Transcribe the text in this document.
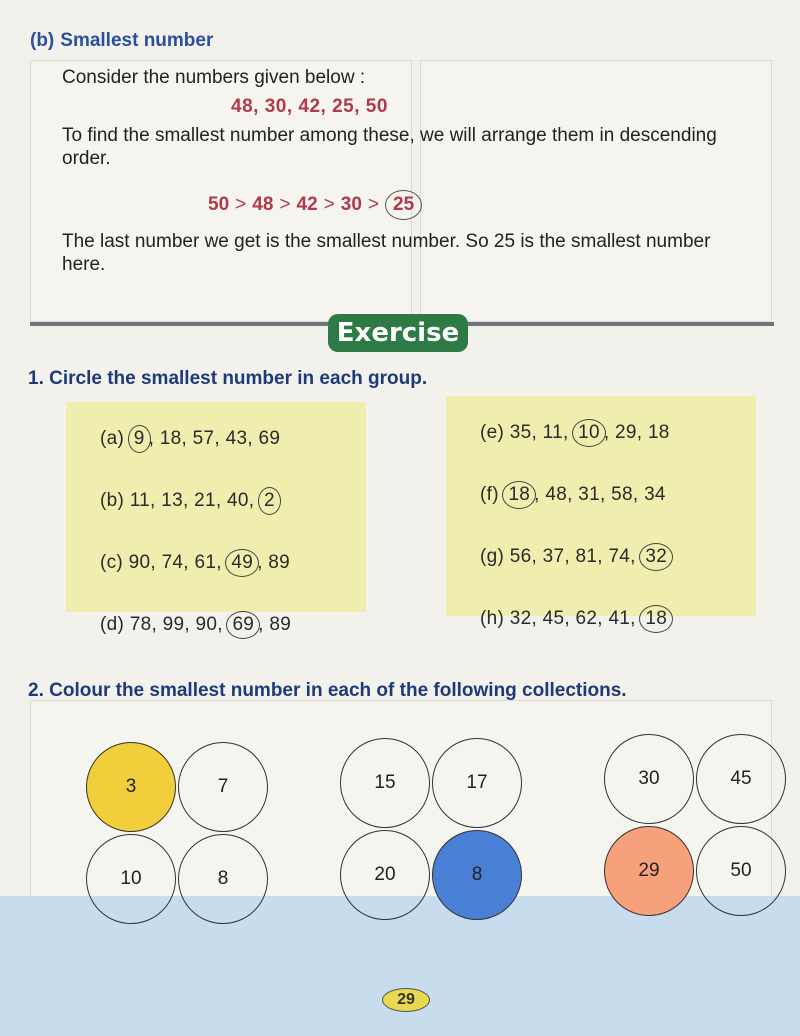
(b) Smallest number
Consider the numbers given below :
48, 30, 42, 25, 50
To find the smallest number among these, we will arrange them in descending order.
50 > 48 > 42 > 30 > 25
The last number we get is the smallest number. So 25 is the smallest number here.
Exercise
1. Circle the smallest number in each group.
(a) 9 , 18, 57, 43, 69
(b) 11, 13, 21, 40, 2
(c) 90, 74, 61, 49 , 89
(d) 78, 99, 90, 69 , 89
(e) 35, 11, 10 , 29, 18
(f) 18 , 48, 31, 58, 34
(g) 56, 37, 81, 74, 32
(h) 32, 45, 62, 41, 18
2. Colour the smallest number in each of the following collections.
3	7
10	8
15	17
20	8
30	45
29	50
29
